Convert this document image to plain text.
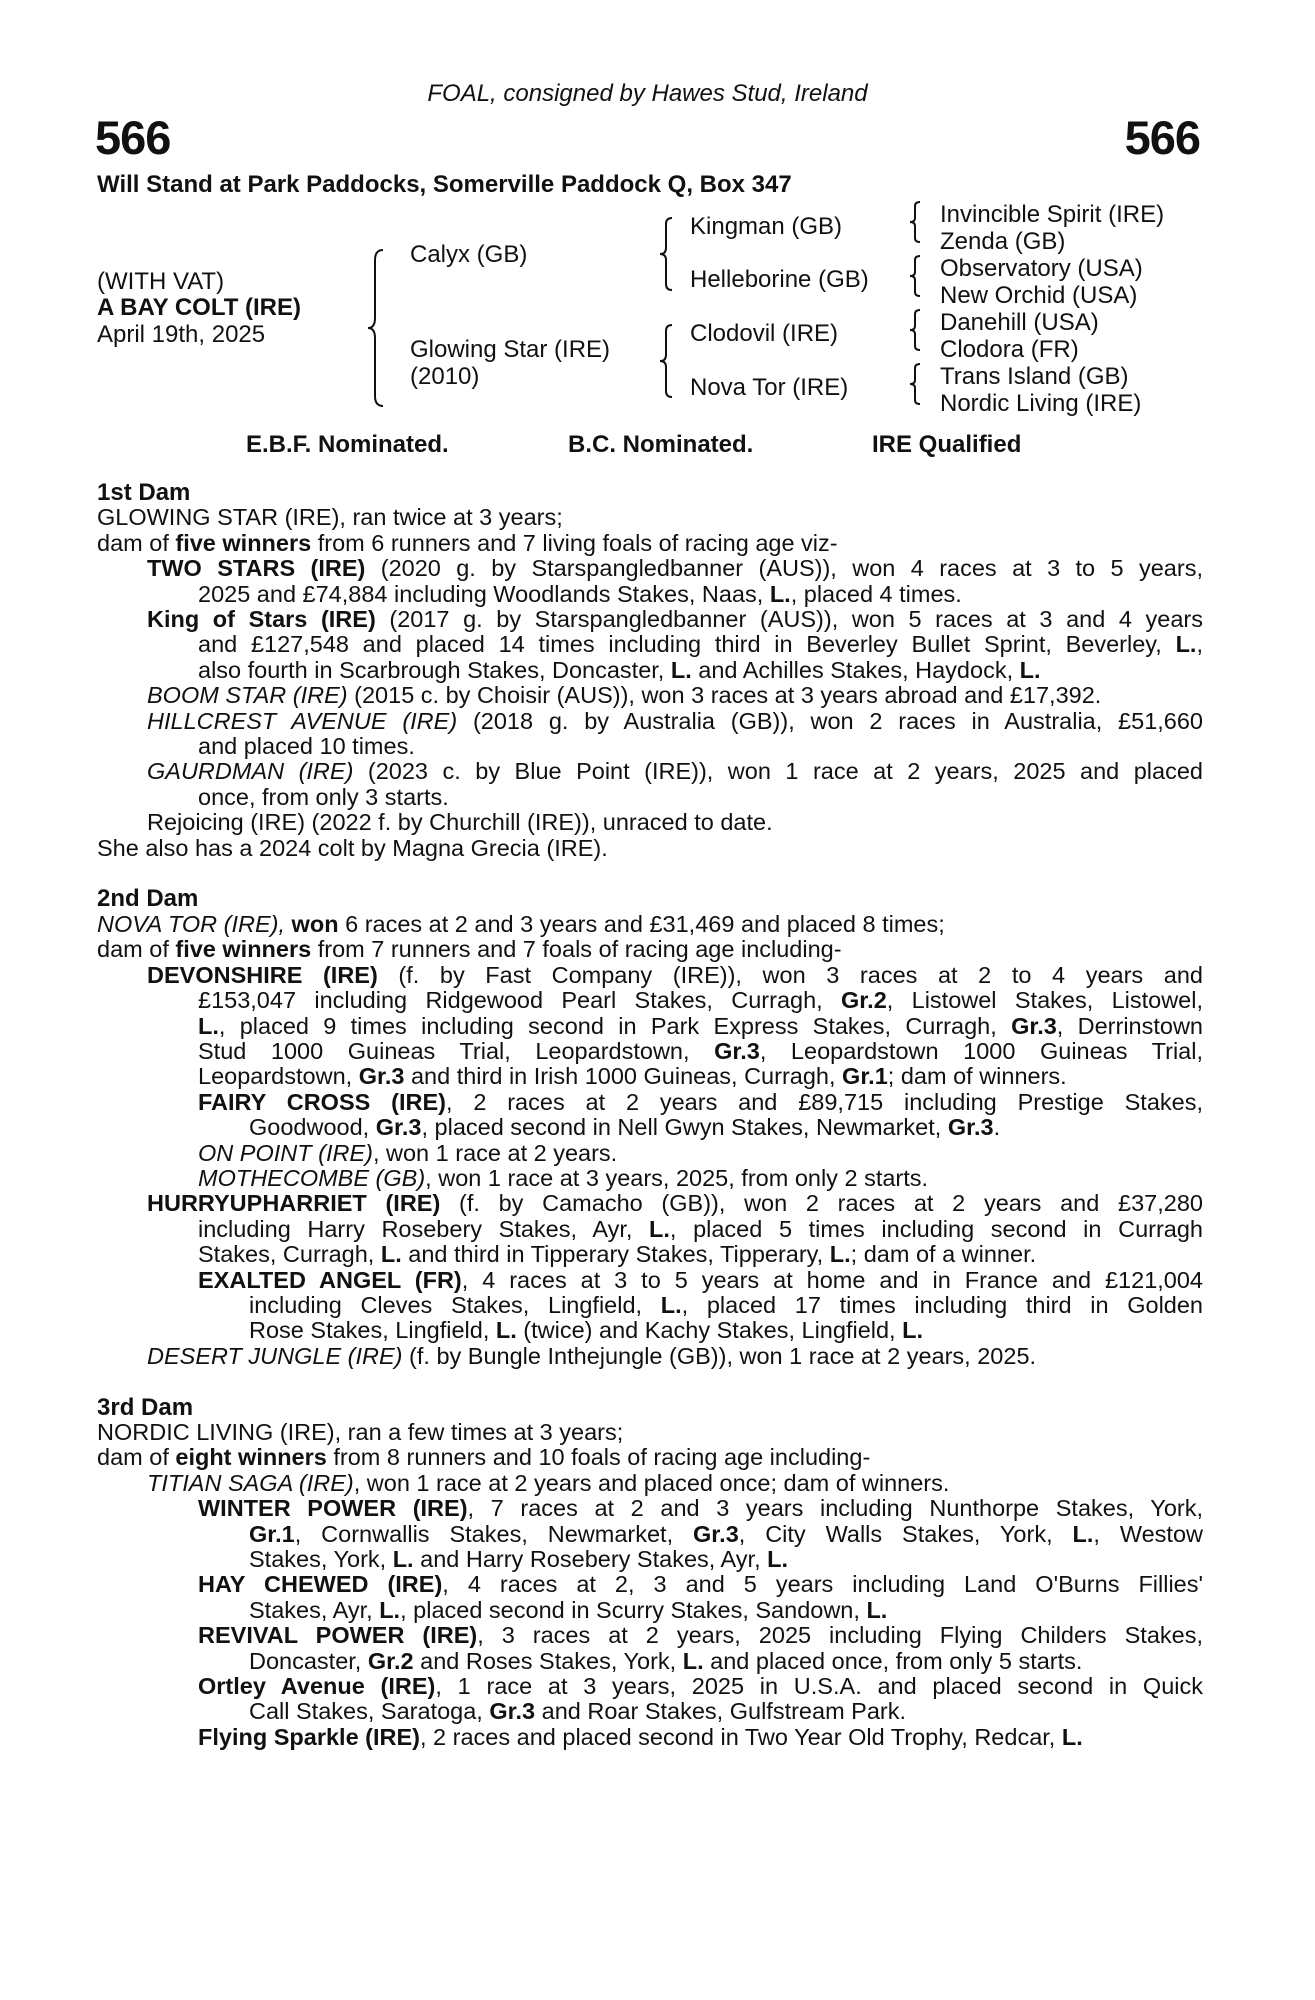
FOAL, consigned by Hawes Stud, Ireland
566	566
Will Stand at Park Paddocks, Somerville Paddock Q, Box 347
(WITH VAT)
A BAY COLT (IRE)
April 19th, 2025
Calyx (GB)
Glowing Star (IRE)
(2010)
Kingman (GB)
Helleborine (GB)
Clodovil (IRE)
Nova Tor (IRE)
Invincible Spirit (IRE)
Zenda (GB)
Observatory (USA)
New Orchid (USA)
Danehill (USA)
Clodora (FR)
Trans Island (GB)
Nordic Living (IRE)
E.B.F. Nominated.	B.C. Nominated.	IRE Qualified
1st Dam
GLOWING STAR (IRE), ran twice at 3 years;
dam of five winners from 6 runners and 7 living foals of racing age viz-
TWO STARS (IRE) (2020 g. by Starspangledbanner (AUS)), won 4 races at 3 to 5 years,
2025 and £74,884 including Woodlands Stakes, Naas, L., placed 4 times.
King of Stars (IRE) (2017 g. by Starspangledbanner (AUS)), won 5 races at 3 and 4 years
and £127,548 and placed 14 times including third in Beverley Bullet Sprint, Beverley, L.,
also fourth in Scarbrough Stakes, Doncaster, L. and Achilles Stakes, Haydock, L.
BOOM STAR (IRE) (2015 c. by Choisir (AUS)), won 3 races at 3 years abroad and £17,392.
HILLCREST AVENUE (IRE) (2018 g. by Australia (GB)), won 2 races in Australia, £51,660
and placed 10 times.
GAURDMAN (IRE) (2023 c. by Blue Point (IRE)), won 1 race at 2 years, 2025 and placed
once, from only 3 starts.
Rejoicing (IRE) (2022 f. by Churchill (IRE)), unraced to date.
She also has a 2024 colt by Magna Grecia (IRE).
2nd Dam
NOVA TOR (IRE), won 6 races at 2 and 3 years and £31,469 and placed 8 times;
dam of five winners from 7 runners and 7 foals of racing age including-
DEVONSHIRE (IRE) (f. by Fast Company (IRE)), won 3 races at 2 to 4 years and
£153,047 including Ridgewood Pearl Stakes, Curragh, Gr.2, Listowel Stakes, Listowel,
L., placed 9 times including second in Park Express Stakes, Curragh, Gr.3, Derrinstown
Stud 1000 Guineas Trial, Leopardstown, Gr.3, Leopardstown 1000 Guineas Trial,
Leopardstown, Gr.3 and third in Irish 1000 Guineas, Curragh, Gr.1; dam of winners.
FAIRY CROSS (IRE), 2 races at 2 years and £89,715 including Prestige Stakes,
Goodwood, Gr.3, placed second in Nell Gwyn Stakes, Newmarket, Gr.3.
ON POINT (IRE), won 1 race at 2 years.
MOTHECOMBE (GB), won 1 race at 3 years, 2025, from only 2 starts.
HURRYUPHARRIET (IRE) (f. by Camacho (GB)), won 2 races at 2 years and £37,280
including Harry Rosebery Stakes, Ayr, L., placed 5 times including second in Curragh
Stakes, Curragh, L. and third in Tipperary Stakes, Tipperary, L.; dam of a winner.
EXALTED ANGEL (FR), 4 races at 3 to 5 years at home and in France and £121,004
including Cleves Stakes, Lingfield, L., placed 17 times including third in Golden
Rose Stakes, Lingfield, L. (twice) and Kachy Stakes, Lingfield, L.
DESERT JUNGLE (IRE) (f. by Bungle Inthejungle (GB)), won 1 race at 2 years, 2025.
3rd Dam
NORDIC LIVING (IRE), ran a few times at 3 years;
dam of eight winners from 8 runners and 10 foals of racing age including-
TITIAN SAGA (IRE), won 1 race at 2 years and placed once; dam of winners.
WINTER POWER (IRE), 7 races at 2 and 3 years including Nunthorpe Stakes, York,
Gr.1, Cornwallis Stakes, Newmarket, Gr.3, City Walls Stakes, York, L., Westow
Stakes, York, L. and Harry Rosebery Stakes, Ayr, L.
HAY CHEWED (IRE), 4 races at 2, 3 and 5 years including Land O'Burns Fillies'
Stakes, Ayr, L., placed second in Scurry Stakes, Sandown, L.
REVIVAL POWER (IRE), 3 races at 2 years, 2025 including Flying Childers Stakes,
Doncaster, Gr.2 and Roses Stakes, York, L. and placed once, from only 5 starts.
Ortley Avenue (IRE), 1 race at 3 years, 2025 in U.S.A. and placed second in Quick
Call Stakes, Saratoga, Gr.3 and Roar Stakes, Gulfstream Park.
Flying Sparkle (IRE), 2 races and placed second in Two Year Old Trophy, Redcar, L.
